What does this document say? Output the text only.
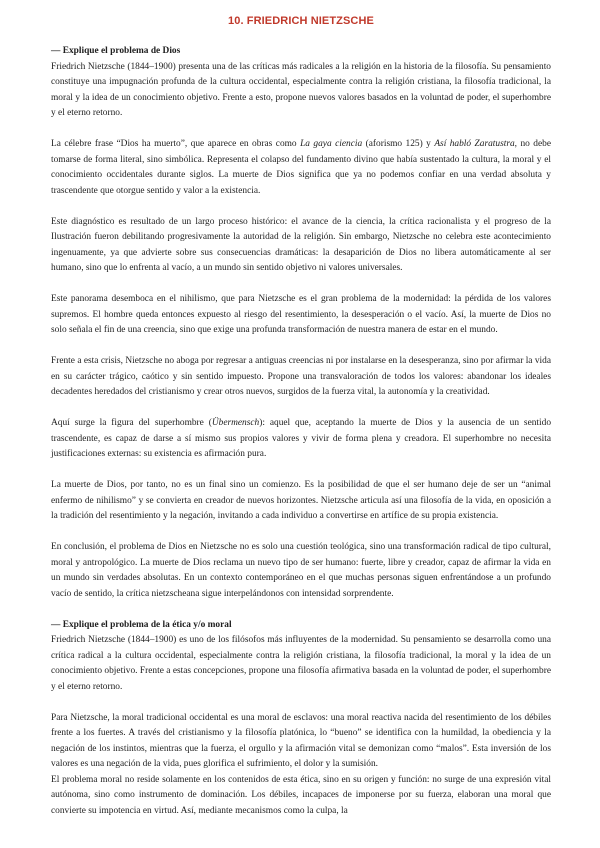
10. FRIEDRICH NIETZSCHE

— Explique el problema de Dios

Friedrich Nietzsche (1844–1900) presenta una de las críticas más radicales a la religión en la historia de la filosofía. Su pensamiento constituye una impugnación profunda de la cultura occidental, especialmente contra la religión cristiana, la filosofía tradicional, la moral y la idea de un conocimiento objetivo. Frente a esto, propone nuevos valores basados en la voluntad de poder, el superhombre y el eterno retorno.

La célebre frase “Dios ha muerto”, que aparece en obras como La gaya ciencia (aforismo 125) y Así habló Zaratustra, no debe tomarse de forma literal, sino simbólica. Representa el colapso del fundamento divino que había sustentado la cultura, la moral y el conocimiento occidentales durante siglos. La muerte de Dios significa que ya no podemos confiar en una verdad absoluta y trascendente que otorgue sentido y valor a la existencia.

Este diagnóstico es resultado de un largo proceso histórico: el avance de la ciencia, la crítica racionalista y el progreso de la Ilustración fueron debilitando progresivamente la autoridad de la religión. Sin embargo, Nietzsche no celebra este acontecimiento ingenuamente, ya que advierte sobre sus consecuencias dramáticas: la desaparición de Dios no libera automáticamente al ser humano, sino que lo enfrenta al vacío, a un mundo sin sentido objetivo ni valores universales.

Este panorama desemboca en el nihilismo, que para Nietzsche es el gran problema de la modernidad: la pérdida de los valores supremos. El hombre queda entonces expuesto al riesgo del resentimiento, la desesperación o el vacío. Así, la muerte de Dios no solo señala el fin de una creencia, sino que exige una profunda transformación de nuestra manera de estar en el mundo.

Frente a esta crisis, Nietzsche no aboga por regresar a antiguas creencias ni por instalarse en la desesperanza, sino por afirmar la vida en su carácter trágico, caótico y sin sentido impuesto. Propone una transvaloración de todos los valores: abandonar los ideales decadentes heredados del cristianismo y crear otros nuevos, surgidos de la fuerza vital, la autonomía y la creatividad.

Aquí surge la figura del superhombre (Übermensch): aquel que, aceptando la muerte de Dios y la ausencia de un sentido trascendente, es capaz de darse a sí mismo sus propios valores y vivir de forma plena y creadora. El superhombre no necesita justificaciones externas: su existencia es afirmación pura.

La muerte de Dios, por tanto, no es un final sino un comienzo. Es la posibilidad de que el ser humano deje de ser un “animal enfermo de nihilismo” y se convierta en creador de nuevos horizontes. Nietzsche articula así una filosofía de la vida, en oposición a la tradición del resentimiento y la negación, invitando a cada individuo a convertirse en artífice de su propia existencia.

En conclusión, el problema de Dios en Nietzsche no es solo una cuestión teológica, sino una transformación radical de tipo cultural, moral y antropológico. La muerte de Dios reclama un nuevo tipo de ser humano: fuerte, libre y creador, capaz de afirmar la vida en un mundo sin verdades absolutas. En un contexto contemporáneo en el que muchas personas siguen enfrentándose a un profundo vacío de sentido, la crítica nietzscheana sigue interpelándonos con intensidad sorprendente.

— Explique el problema de la ética y/o moral

Friedrich Nietzsche (1844–1900) es uno de los filósofos más influyentes de la modernidad. Su pensamiento se desarrolla como una crítica radical a la cultura occidental, especialmente contra la religión cristiana, la filosofía tradicional, la moral y la idea de un conocimiento objetivo. Frente a estas concepciones, propone una filosofía afirmativa basada en la voluntad de poder, el superhombre y el eterno retorno.

Para Nietzsche, la moral tradicional occidental es una moral de esclavos: una moral reactiva nacida del resentimiento de los débiles frente a los fuertes. A través del cristianismo y la filosofía platónica, lo “bueno” se identifica con la humildad, la obediencia y la negación de los instintos, mientras que la fuerza, el orgullo y la afirmación vital se demonizan como “malos”. Esta inversión de los valores es una negación de la vida, pues glorifica el sufrimiento, el dolor y la sumisión.

El problema moral no reside solamente en los contenidos de esta ética, sino en su origen y función: no surge de una expresión vital autónoma, sino como instrumento de dominación. Los débiles, incapaces de imponerse por su fuerza, elaboran una moral que convierte su impotencia en virtud. Así, mediante mecanismos como la culpa, la
